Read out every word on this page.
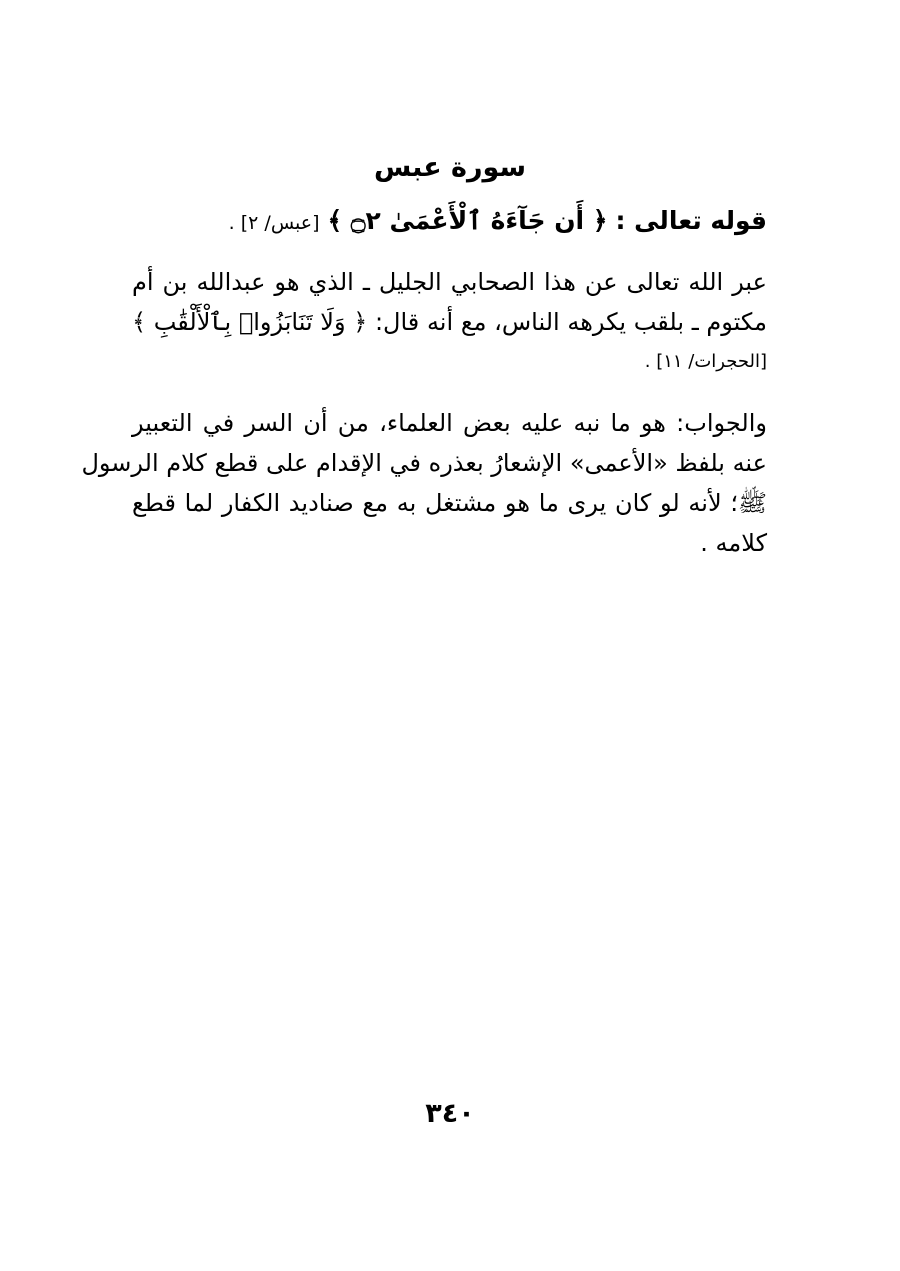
سورة عبس
قوله تعالى : ﴿ أَن جَآءَهُ ٱلْأَعْمَىٰ ۝٢ ﴾ [عبس/ ٢] .
عبر الله تعالى عن هذا الصحابي الجليل ـ الذي هو عبدالله بن أم
مكتوم ـ بلقب يكرهه الناس، مع أنه قال: ﴿ وَلَا تَنَابَزُوا۟ بِٱلْأَلْقَٰبِ ﴾
[الحجرات/ ١١] .
والجواب: هو ما نبه عليه بعض العلماء، من أن السر في التعبير
عنه بلفظ «الأعمى» الإشعارُ بعذره في الإقدام على قطع كلام الرسول
ﷺ؛ لأنه لو كان يرى ما هو مشتغل به مع صناديد الكفار لما قطع
كلامه .
٣٤٠
